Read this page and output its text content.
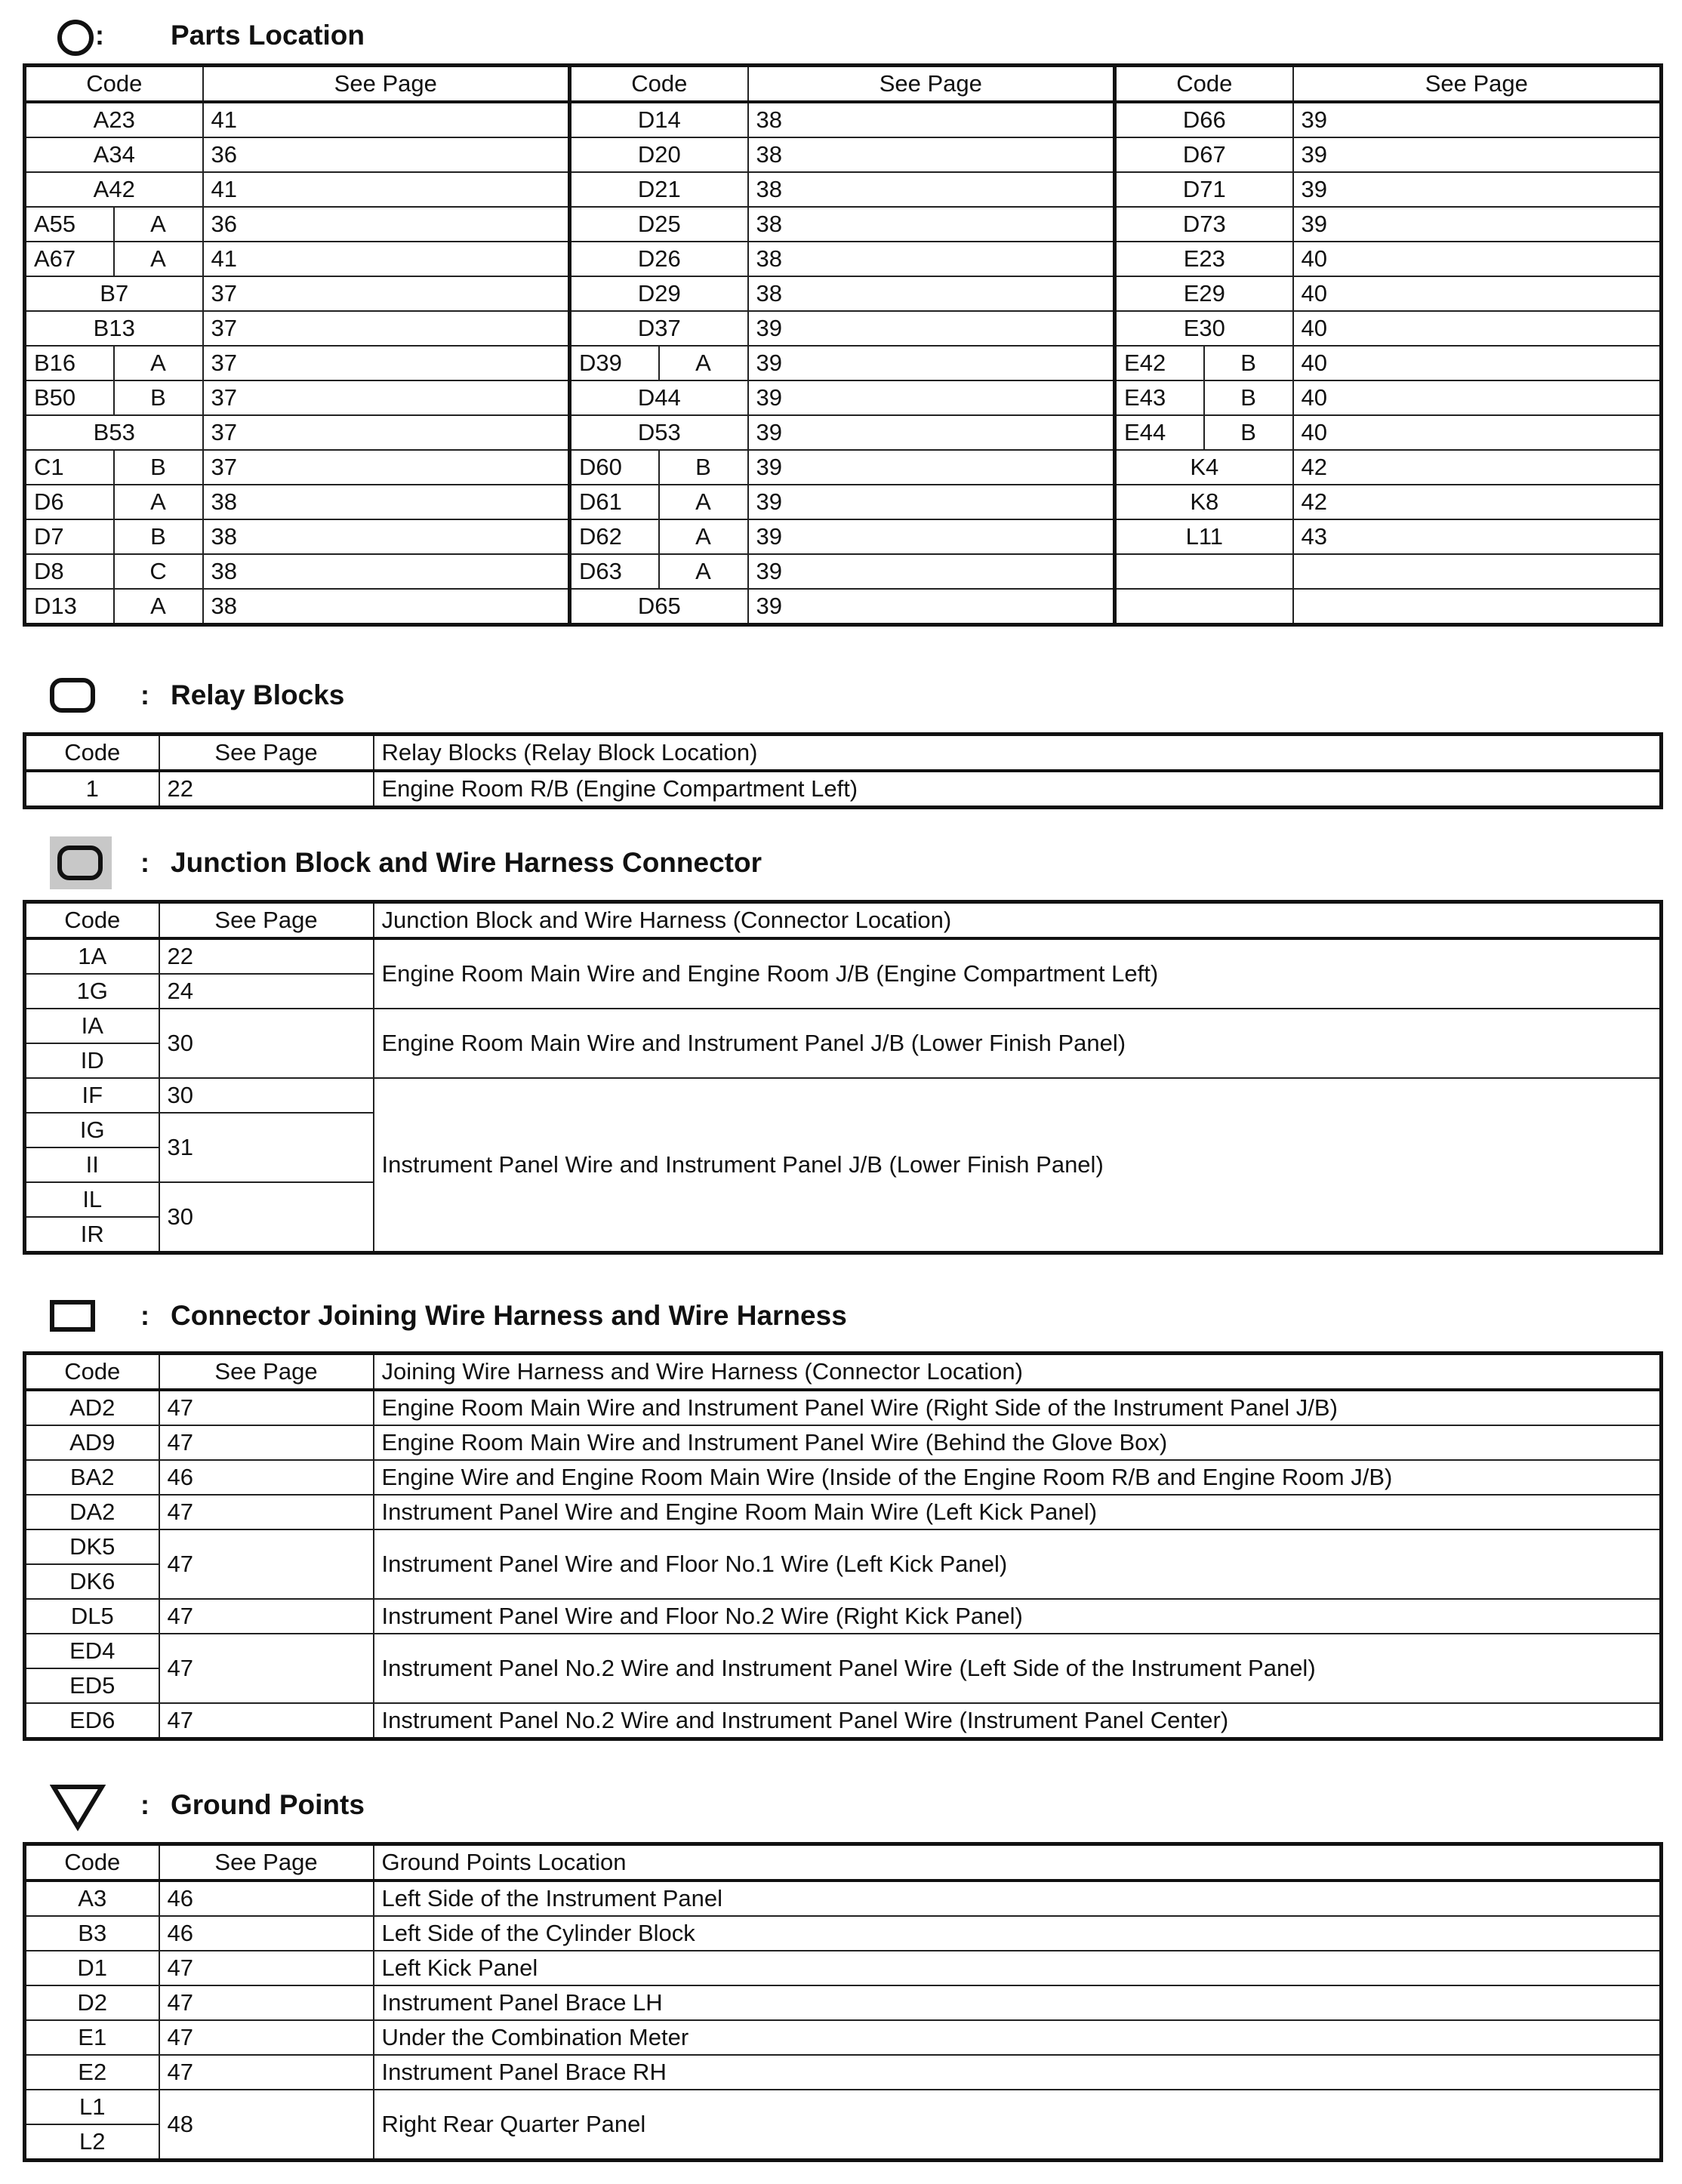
: Parts Location
Code		See Page	Code		See Page	Code		See Page
A23		41	D14		38	D66		39
A34		36	D20		38	D67		39
A42		41	D21		38	D71		39
A55	A	36	D25		38	D73		39
A67	A	41	D26		38	E23		40
B7		37	D29		38	E29		40
B13		37	D37		39	E30		40
B16	A	37	D39	A	39	E42	B	40
B50	B	37	D44		39	E43	B	40
B53		37	D53		39	E44	B	40
C1	B	37	D60	B	39	K4		42
D6	A	38	D61	A	39	K8		42
D7	B	38	D62	A	39	L11		43
D8	C	38	D63	A	39			
D13	A	38	D65		39			
: Relay Blocks
Code	See Page	Relay Blocks (Relay Block Location)
1	22	Engine Room R/B (Engine Compartment Left)
: Junction Block and Wire Harness Connector
Code	See Page	Junction Block and Wire Harness (Connector Location)
1A	22	Engine Room Main Wire and Engine Room J/B (Engine Compartment Left)
1G	24	
IA	30	Engine Room Main Wire and Instrument Panel J/B (Lower Finish Panel)
ID		
IF	30	Instrument Panel Wire and Instrument Panel J/B (Lower Finish Panel)
IG	31	
II		
IL	30	
IR		
: Connector Joining Wire Harness and Wire Harness
Code	See Page	Joining Wire Harness and Wire Harness (Connector Location)
AD2	47	Engine Room Main Wire and Instrument Panel Wire (Right Side of the Instrument Panel J/B)
AD9	47	Engine Room Main Wire and Instrument Panel Wire (Behind the Glove Box)
BA2	46	Engine Wire and Engine Room Main Wire (Inside of the Engine Room R/B and Engine Room J/B)
DA2	47	Instrument Panel Wire and Engine Room Main Wire (Left Kick Panel)
DK5	47	Instrument Panel Wire and Floor No.1 Wire (Left Kick Panel)
DK6		
DL5	47	Instrument Panel Wire and Floor No.2 Wire (Right Kick Panel)
ED4	47	Instrument Panel No.2 Wire and Instrument Panel Wire (Left Side of the Instrument Panel)
ED5		
ED6	47	Instrument Panel No.2 Wire and Instrument Panel Wire (Instrument Panel Center)
: Ground Points
Code	See Page	Ground Points Location
A3	46	Left Side of the Instrument Panel
B3	46	Left Side of the Cylinder Block
D1	47	Left Kick Panel
D2	47	Instrument Panel Brace LH
E1	47	Under the Combination Meter
E2	47	Instrument Panel Brace RH
L1	48	Right Rear Quarter Panel
L2		
